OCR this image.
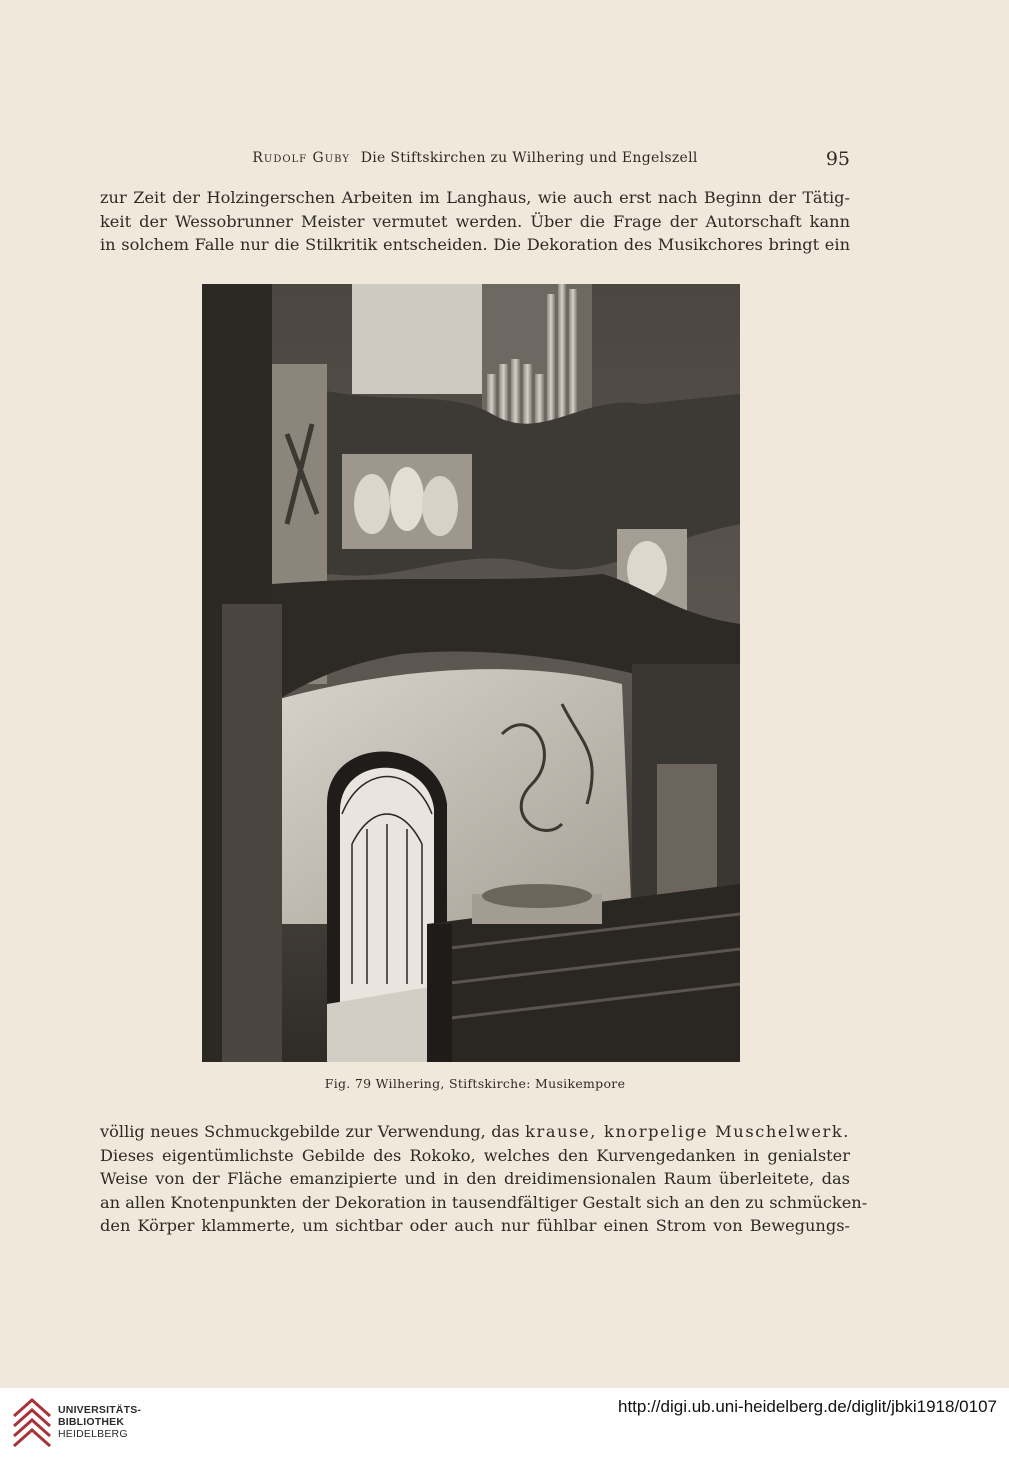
Rudolf Guby Die Stiftskirchen zu Wilhering und Engelszell	95
zur Zeit der Holzingerschen Arbeiten im Langhaus, wie auch erst nach Beginn der Tätig-
keit der Wessobrunner Meister vermutet werden. Über die Frage der Autorschaft kann
in solchem Falle nur die Stilkritik entscheiden. Die Dekoration des Musikchores bringt ein
Fig. 79 Wilhering, Stiftskirche: Musikempore
völlig neues Schmuckgebilde zur Verwendung, das krause, knorpelige Muschelwerk.
Dieses eigentümlichste Gebilde des Rokoko, welches den Kurvengedanken in genialster
Weise von der Fläche emanzipierte und in den dreidimensionalen Raum überleitete, das
an allen Knotenpunkten der Dekoration in tausendfältiger Gestalt sich an den zu schmücken-
den Körper klammerte, um sichtbar oder auch nur fühlbar einen Strom von Bewegungs-
UNIVERSITÄTS-
BIBLIOTHEK
HEIDELBERG
http://digi.ub.uni-heidelberg.de/diglit/jbki1918/0107
